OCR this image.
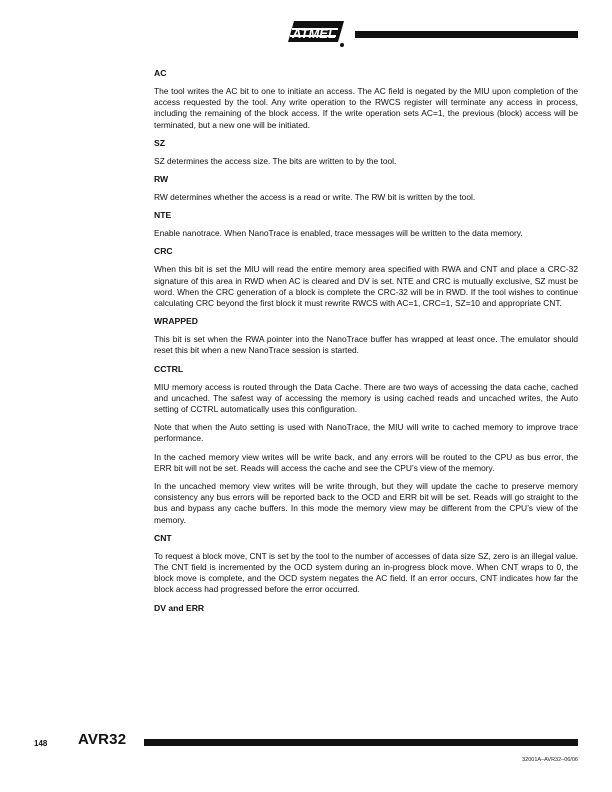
ATMEL
AC
The tool writes the AC bit to one to initiate an access. The AC field is negated by the MIU upon completion of the access requested by the tool. Any write operation to the RWCS register will terminate any access in process, including the remaining of the block access. If the write operation sets AC=1, the previous (block) access will be terminated, but a new one will be initiated.
SZ
SZ determines the access size. The bits are written to by the tool.
RW
RW determines whether the access is a read or write. The RW bit is written by the tool.
NTE
Enable nanotrace. When NanoTrace is enabled, trace messages will be written to the data memory.
CRC
When this bit is set the MIU will read the entire memory area specified with RWA and CNT and place a CRC-32 signature of this area in RWD when AC is cleared and DV is set. NTE and CRC is mutually exclusive, SZ must be word. When the CRC generation of a block is complete the CRC-32 will be in RWD. If the tool wishes to continue calculating CRC beyond the first block it must rewrite RWCS with AC=1, CRC=1, SZ=10 and appropriate CNT.
WRAPPED
This bit is set when the RWA pointer into the NanoTrace buffer has wrapped at least once. The emulator should reset this bit when a new NanoTrace session is started.
CCTRL
MIU memory access is routed through the Data Cache. There are two ways of accessing the data cache, cached and uncached. The safest way of accessing the memory is using cached reads and uncached writes, the Auto setting of CCTRL automatically uses this configuration.
Note that when the Auto setting is used with NanoTrace, the MIU will write to cached memory to improve trace performance.
In the cached memory view writes will be write back, and any errors will be routed to the CPU as bus error, the ERR bit will not be set. Reads will access the cache and see the CPU’s view of the memory.
In the uncached memory view writes will be write through, but they will update the cache to preserve memory consistency any bus errors will be reported back to the OCD and ERR bit will be set. Reads will go straight to the bus and bypass any cache buffers. In this mode the memory view may be different from the CPU’s view of the memory.
CNT
To request a block move, CNT is set by the tool to the number of accesses of data size SZ, zero is an illegal value. The CNT field is incremented by the OCD system during an in-progress block move. When CNT wraps to 0, the block move is complete, and the OCD system negates the AC field. If an error occurs, CNT indicates how far the block access had progressed before the error occurred.
DV and ERR
148 AVR32
32001A–AVR32–06/06
